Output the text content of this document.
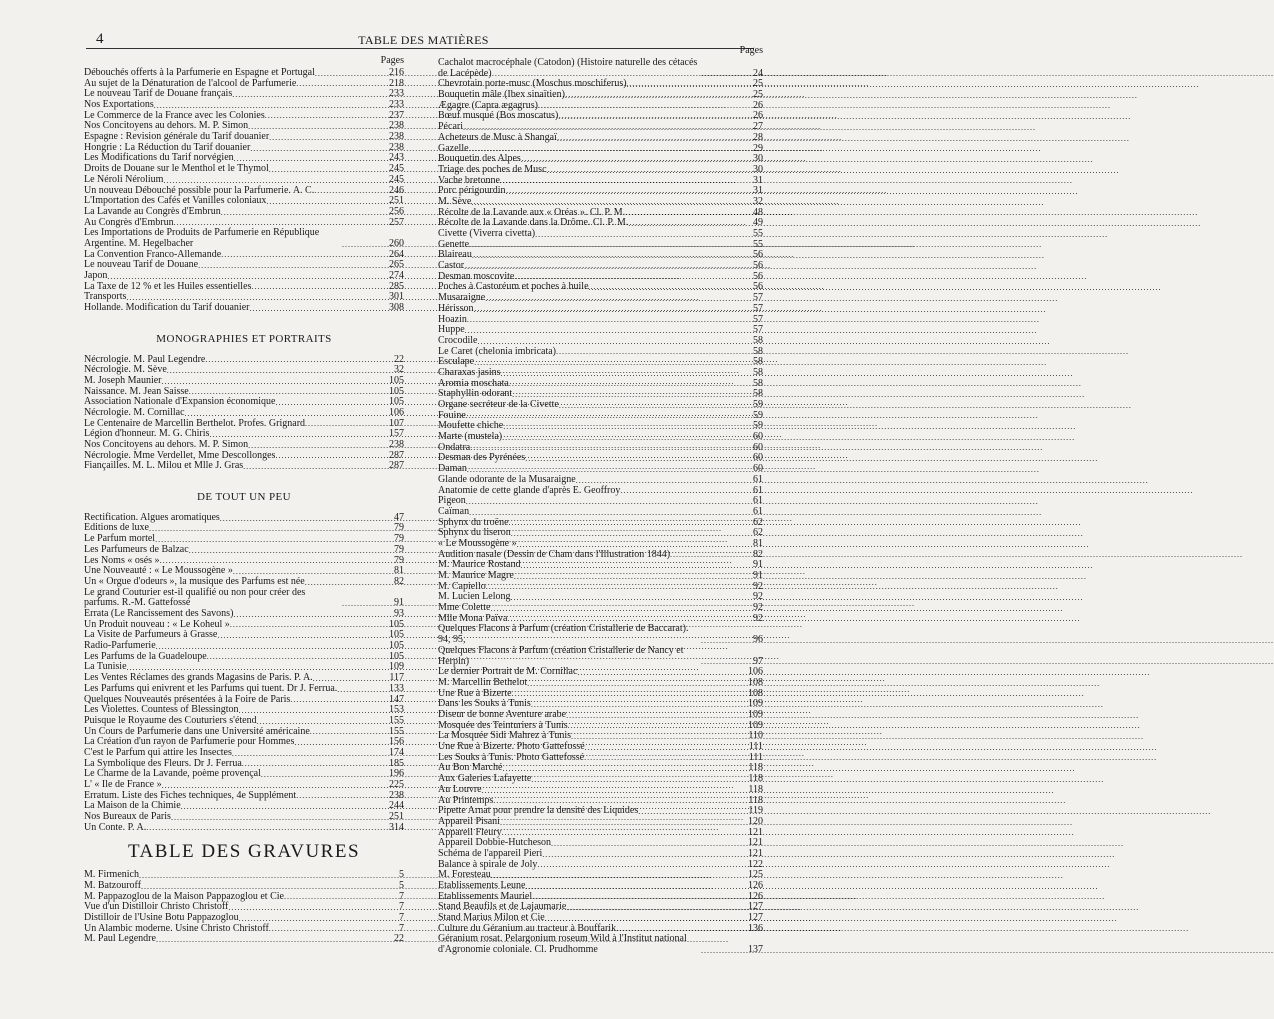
4	TABLE DES MATIÈRES
Pages
Débouchés offerts à la Parfumerie en Espagne et Portugal .....	216
Au sujet de la Dénaturation de l'alcool de Parfumerie .....	218
Le nouveau Tarif de Douane français .....	233
Nos Exportations .....	233
Le Commerce de la France avec les Colonies .....	237
Nos Concitoyens au dehors. M. P. Simon .....	238
Espagne : Revision générale du Tarif douanier .....	238
Hongrie : La Réduction du Tarif douanier .....	238
Les Modifications du Tarif norvégien .....	243
Droits de Douane sur le Menthol et le Thymol .....	245
Le Néroli Nérolium .....	245
Un nouveau Débouché possible pour la Parfumerie. A. C. .....	246
L'Importation des Cafés et Vanilles coloniaux .....	251
La Lavande au Congrès d'Embrun .....	256
Au Congrès d'Embrun .....	257
Les Importations de Produits de Parfumerie en République Argentine. M. Hegelbacher .....	260
La Convention Franco-Allemande .....	264
Le nouveau Tarif de Douane .....	265
Japon .....	274
La Taxe de 12 % et les Huiles essentielles .....	285
Transports .....	301
Hollande. Modification du Tarif douanier .....	308
MONOGRAPHIES ET PORTRAITS
Nécrologie. M. Paul Legendre .....	22
Nécrologie. M. Sève .....	32
M. Joseph Maunier .....	105
Naissance. M. Jean Saisse .....	105
Association Nationale d'Expansion économique .....	105
Nécrologie. M. Cornillac .....	106
Le Centenaire de Marcellin Berthelot. Profes. Grignard .....	107
Légion d'honneur. M. G. Chiris .....	157
Nos Concitoyens au dehors. M. P. Simon .....	238
Nécrologie. Mme Verdellet, Mme Descollonges .....	287
Fiançailles. M. L. Milou et Mlle J. Gras .....	287
DE TOUT UN PEU
Rectification. Algues aromatiques .....	47
Editions de luxe .....	79
Le Parfum mortel .....	79
Les Parfumeurs de Balzac .....	79
Les Noms « osés » .....	79
Une Nouveauté : « Le Moussogène » .....	81
Un « Orgue d'odeurs », la musique des Parfums est née .....	82
Le grand Couturier est-il qualifié ou non pour créer des parfums. R.-M. Gattefossé .....	91
Errata (Le Rancissement des Savons) .....	93
Un Produit nouveau : « Le Koheul » .....	105
La Visite de Parfumeurs à Grasse .....	105
Radio-Parfumerie .....	105
Les Parfums de la Guadeloupe .....	105
La Tunisie .....	109
Les Ventes Réclames des grands Magasins de Paris. P. A. .....	117
Les Parfums qui enivrent et les Parfums qui tuent. Dr J. Ferrua. .....	133
Quelques Nouveautés présentées à la Foire de Paris .....	147
Les Violettes. Countess of Blessington .....	153
Puisque le Royaume des Couturiers s'étend .....	155
Un Cours de Parfumerie dans une Université américaine .....	155
La Création d'un rayon de Parfumerie pour Hommes .....	156
C'est le Parfum qui attire les Insectes .....	174
La Symbolique des Fleurs. Dr J. Ferrua .....	185
Le Charme de la Lavande, poème provençal .....	196
L' « Ile de France » .....	225
Erratum. Liste des Fiches techniques, 4e Supplément .....	238
La Maison de la Chimie .....	244
Nos Bureaux de Paris .....	251
Un Conte. P. A. .....	314
TABLE DES GRAVURES
M. Firmenich .....	5
M. Batzouroff .....	5
M. Pappazoglou de la Maison Pappazoglou et Cie .....	7
Vue d'un Distilloir Christo Christoff .....	7
Distilloir de l'Usine Botu Pappazoglou .....	7
Un Alambic moderne. Usine Christo Christoff .....	7
M. Paul Legendre .....	22
Pages
Cachalot macrocéphale (Catodon) (Histoire naturelle des cétacés de Lacépède) .....	24
Chevrotain porte-musc (Moschus moschiferus) .....	25
Bouquetin mâle (Ibex sinaïtien) .....	25
Ægagre (Capra ægagrus) .....	26
Bœuf musqué (Bos moscatus) .....	26
Pécari .....	27
Acheteurs de Musc à Shangaï .....	28
Gazelle .....	29
Bouquetin des Alpes .....	30
Triage des poches de Musc .....	30
Vache bretonne .....	31
Porc périgourdin .....	31
M. Sève .....	32
Récolte de la Lavande aux « Oréas ». Cl. P. M. .....	48
Récolte de la Lavande dans la Drôme. Cl. P. M. .....	49
Civette (Viverra civetta) .....	55
Genette .....	55
Blaireau .....	56
Castor .....	56
Desman moscovite .....	56
Poches à Castoréum et poches à huile .....	56
Musaraigne .....	57
Hérisson .....	57
Hoazin .....	57
Huppe .....	57
Crocodile .....	58
Le Caret (chelonia imbricata) .....	58
Esculape .....	58
Charaxas jasins .....	58
Aromia moschata .....	58
Staphyllin odorant .....	58
Organe secréteur de la Civette .....	59
Fouine .....	59
Moufette chiche .....	59
Marte (mustela) .....	60
Ondatra .....	60
Desman des Pyrénées .....	60
Daman .....	60
Glande odorante de la Musaraigne .....	61
Anatomie de cette glande d'après E. Geoffroy .....	61
Pigeon .....	61
Caïman .....	61
Sphynx du troëne .....	62
Sphynx du liseron .....	62
« Le Moussogène » .....	81
Audition nasale (Dessin de Cham dans l'Illustration 1844) .....	82
M. Maurice Rostand .....	91
M. Maurice Magre .....	91
M. Capiello .....	92
M. Lucien Lelong .....	92
Mme Colette .....	92
Mlle Mona Païva .....	92
Quelques Flacons à Parfum (création Cristallerie de Baccarat). 94, 95, .....	96
Quelques Flacons à Parfum (création Cristallerie de Nancy et Herpin) .....	97
Le dernier Portrait de M. Cornillac .....	106
M. Marcellin Bethelot .....	108
Une Rue à Bizerte .....	108
Dans les Souks à Tunis .....	109
Diseur de bonne Aventure arabe .....	109
Mosquée des Teinturiers à Tunis .....	109
La Mosquée Sidi Mahrez à Tunis .....	110
Une Rue à Bizerte. Photo Gattefossé .....	111
Les Souks à Tunis. Photo Gattefossé .....	111
Au Bon Marché .....	118
Aux Galeries Lafayette .....	118
Au Louvre .....	118
Au Printemps .....	118
Pipette Arnat pour prendre la densité des Liquides .....	119
Appareil Pisani .....	120
Appareil Fleury .....	121
Appareil Dobbie-Hutcheson .....	121
Schéma de l'appareil Pieri .....	121
Balance à spirale de Joly .....	122
M. Foresteau .....	125
Etablissements Leune .....	126
Etablissements Mauriel .....	126
Stand Beaufils et de Lajaumarie .....	127
Stand Marius Milon et Cie .....	127
Culture du Géranium au tracteur à Bouffarik .....	136
Géranium rosat. Pelargonium roseum Wild à l'Institut national d'Agronomie coloniale. Cl. Prudhomme .....	137
